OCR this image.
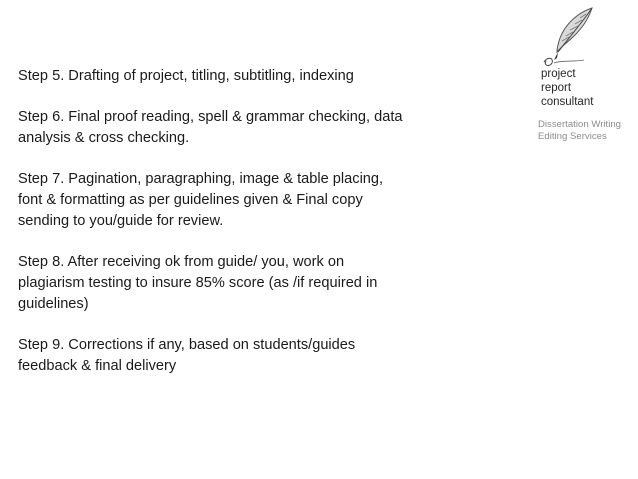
Step 5. Drafting of project, titling, subtitling, indexing

Step 6. Final proof reading, spell & grammar checking, data
analysis & cross checking.

Step 7. Pagination, paragraphing, image & table placing,
font & formatting as per guidelines given & Final copy
sending to you/guide for review.

Step 8. After receiving ok from guide/ you, work on
plagiarism testing to insure 85% score (as /if required in
guidelines)

Step 9. Corrections if any, based on students/guides
feedback & final delivery

project
report
consultant
Dissertation Writing
Editing Services
